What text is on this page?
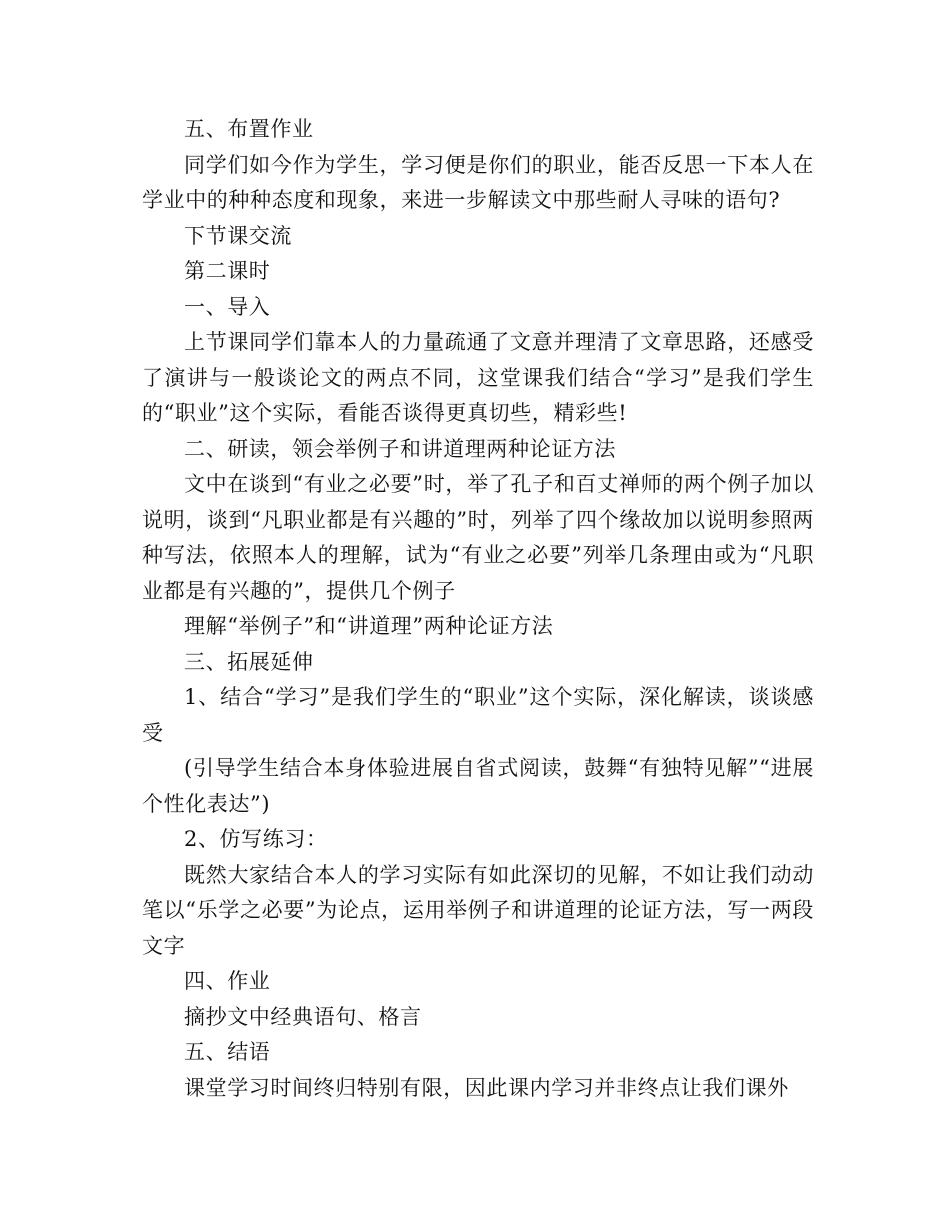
五、布置作业

同学们如今作为学生，学习便是你们的职业，能否反思一下本人在学业中的种种态度和现象，来进一步解读文中那些耐人寻味的语句?

下节课交流

第二课时

一、导入

上节课同学们靠本人的力量疏通了文意并理清了文章思路，还感受了演讲与一般谈论文的两点不同，这堂课我们结合“学习”是我们学生的“职业”这个实际，看能否谈得更真切些，精彩些!

二、研读，领会举例子和讲道理两种论证方法

文中在谈到“有业之必要”时，举了孔子和百丈禅师的两个例子加以说明，谈到“凡职业都是有兴趣的”时，列举了四个缘故加以说明参照两种写法，依照本人的理解，试为“有业之必要”列举几条理由或为“凡职业都是有兴趣的”，提供几个例子

理解“举例子”和“讲道理”两种论证方法

三、拓展延伸

1、结合“学习”是我们学生的“职业”这个实际，深化解读，谈谈感受

(引导学生结合本身体验进展自省式阅读，鼓舞“有独特见解”“进展个性化表达”)

2、仿写练习：

既然大家结合本人的学习实际有如此深切的见解，不如让我们动动笔以“乐学之必要”为论点，运用举例子和讲道理的论证方法，写一两段文字

四、作业

摘抄文中经典语句、格言

五、结语

课堂学习时间终归特别有限，因此课内学习并非终点让我们课外
